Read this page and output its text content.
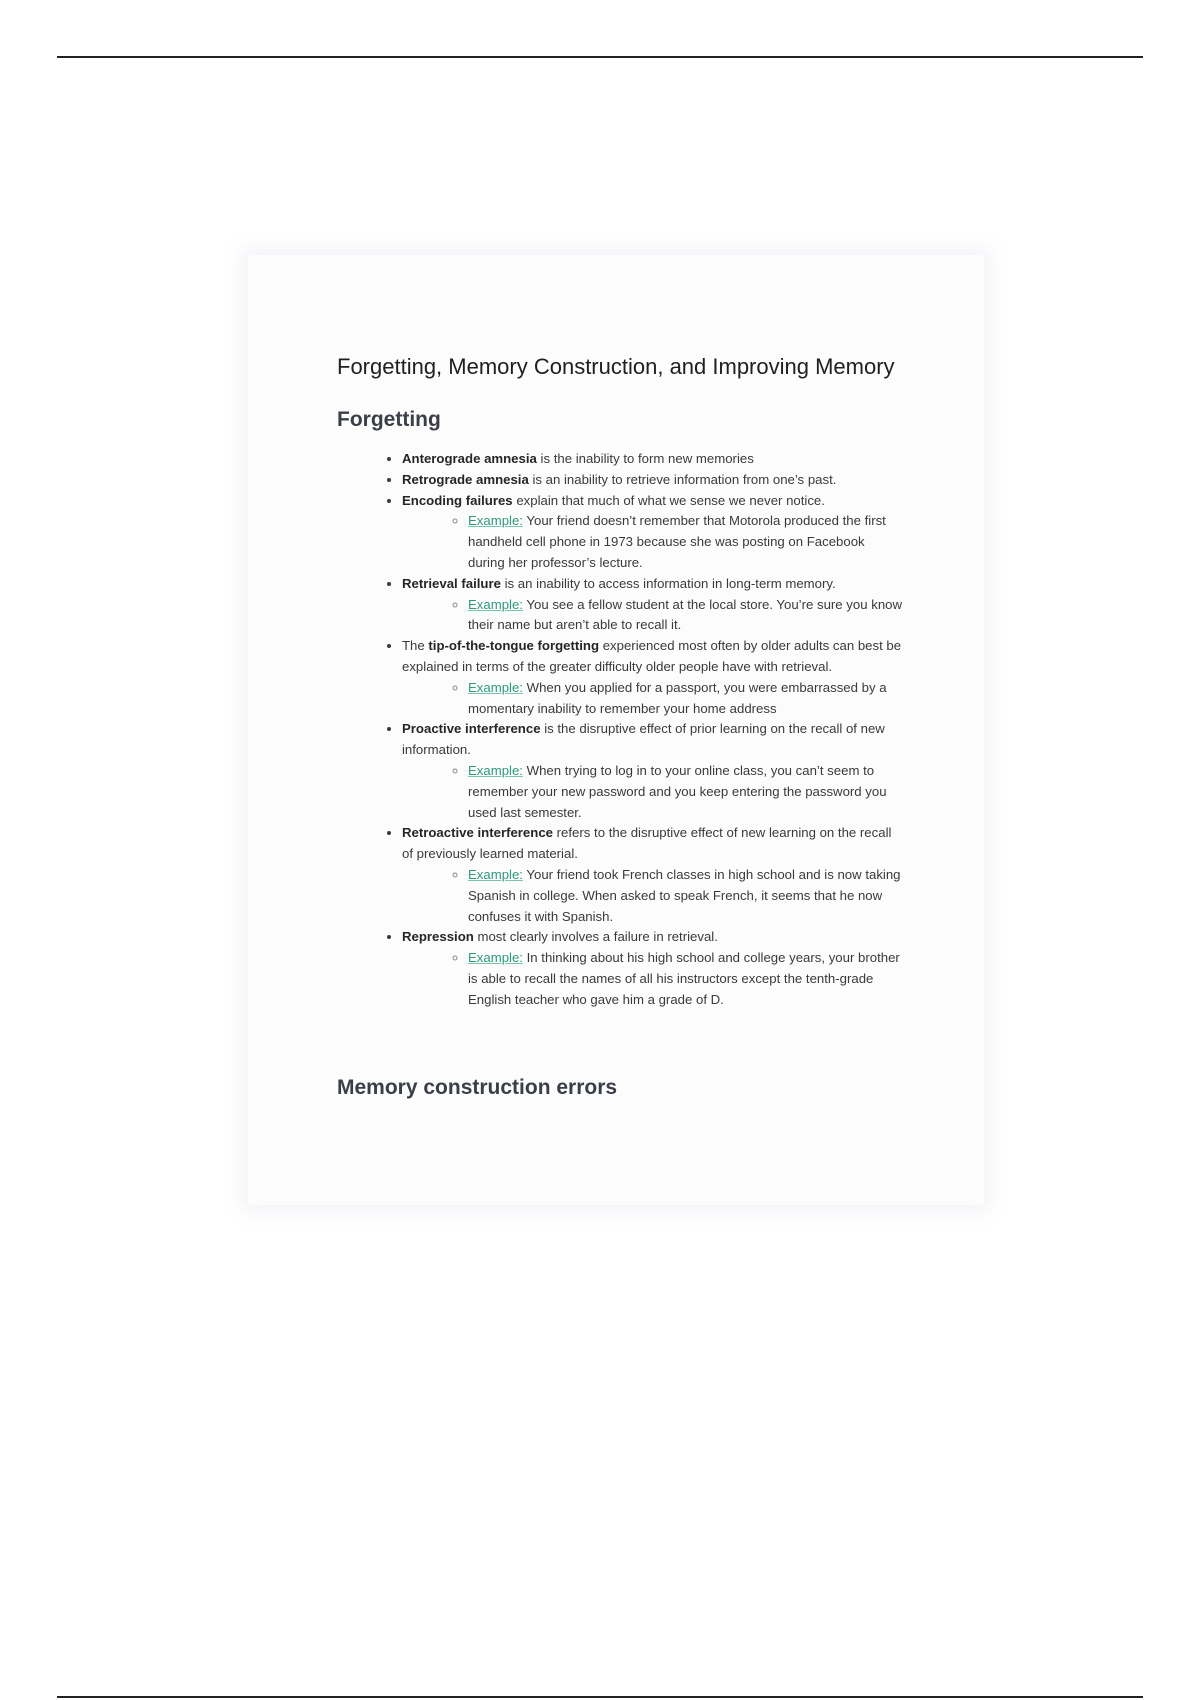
Forgetting, Memory Construction, and Improving Memory
Forgetting
• Anterograde amnesia is the inability to form new memories
• Retrograde amnesia is an inability to retrieve information from one’s past.
• Encoding failures explain that much of what we sense we never notice.
◦ Example: Your friend doesn’t remember that Motorola produced the first handheld cell phone in 1973 because she was posting on Facebook during her professor’s lecture.
• Retrieval failure is an inability to access information in long-term memory.
◦ Example: You see a fellow student at the local store. You’re sure you know their name but aren’t able to recall it.
• The tip-of-the-tongue forgetting experienced most often by older adults can best be explained in terms of the greater difficulty older people have with retrieval.
◦ Example: When you applied for a passport, you were embarrassed by a momentary inability to remember your home address
• Proactive interference is the disruptive effect of prior learning on the recall of new information.
◦ Example: When trying to log in to your online class, you can’t seem to remember your new password and you keep entering the password you used last semester.
• Retroactive interference refers to the disruptive effect of new learning on the recall of previously learned material.
◦ Example: Your friend took French classes in high school and is now taking Spanish in college. When asked to speak French, it seems that he now confuses it with Spanish.
• Repression most clearly involves a failure in retrieval.
◦ Example: In thinking about his high school and college years, your brother is able to recall the names of all his instructors except the tenth-grade English teacher who gave him a grade of D.
Memory construction errors
